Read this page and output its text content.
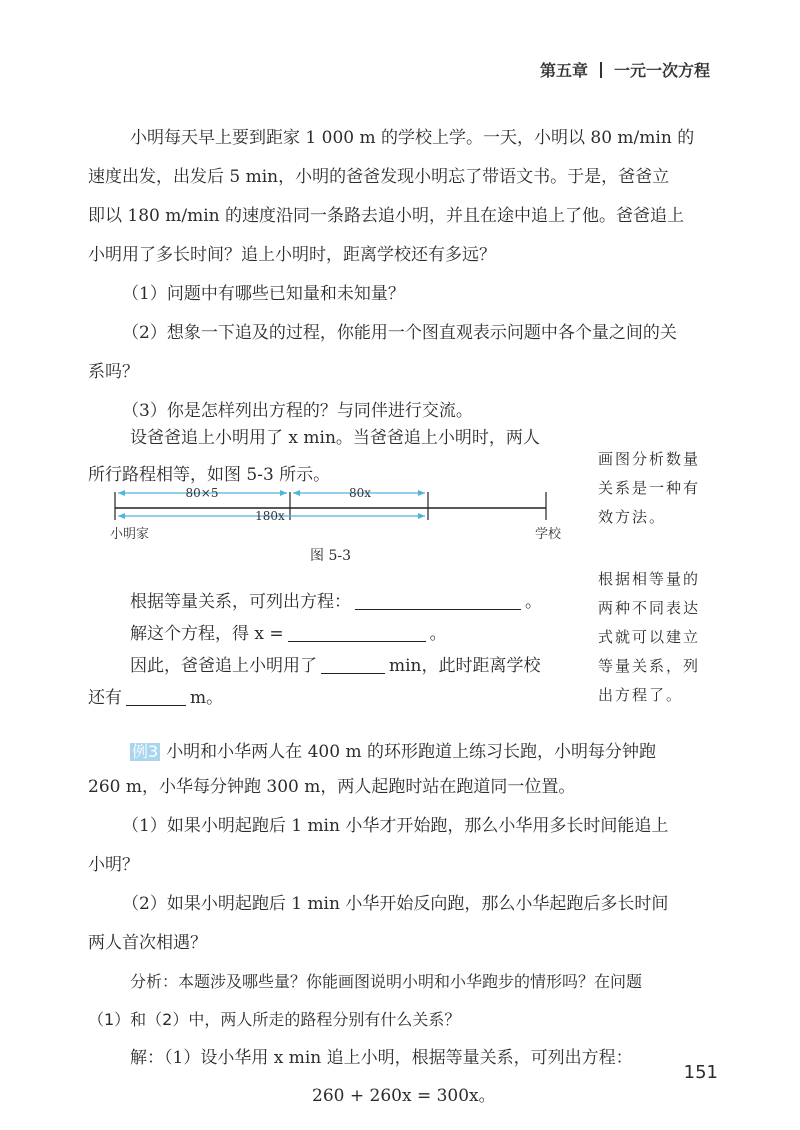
第五章 一元一次方程
小明每天早上要到距家 1 000 m 的学校上学。一天，小明以 80 m/min 的
速度出发，出发后 5 min，小明的爸爸发现小明忘了带语文书。于是，爸爸立
即以 180 m/min 的速度沿同一条路去追小明，并且在途中追上了他。爸爸追上
小明用了多长时间？追上小明时，距离学校还有多远？
（1）问题中有哪些已知量和未知量？
（2）想象一下追及的过程，你能用一个图直观表示问题中各个量之间的关
系吗？
（3）你是怎样列出方程的？与同伴进行交流。
设爸爸追上小明用了 x min。当爸爸追上小明时，两人
所行路程相等，如图 5-3 所示。
画图分析数量
关系是一种有
效方法。
80×5	80x
180x
小明家	学校
图 5-3
根据等量关系，可列出方程：	。
解这个方程，得 x =	。
因此，爸爸追上小明用了	min，此时距离学校
还有	m。
根据相等量的
两种不同表达
式就可以建立
等量关系，列
出方程了。
例3 小明和小华两人在 400 m 的环形跑道上练习长跑，小明每分钟跑
260 m，小华每分钟跑 300 m，两人起跑时站在跑道同一位置。
（1）如果小明起跑后 1 min 小华才开始跑，那么小华用多长时间能追上
小明？
（2）如果小明起跑后 1 min 小华开始反向跑，那么小华起跑后多长时间
两人首次相遇？
分析：本题涉及哪些量？你能画图说明小明和小华跑步的情形吗？在问题
（1）和（2）中，两人所走的路程分别有什么关系？
解：（1）设小华用 x min 追上小明，根据等量关系，可列出方程：
260 + 260x = 300x。
151
